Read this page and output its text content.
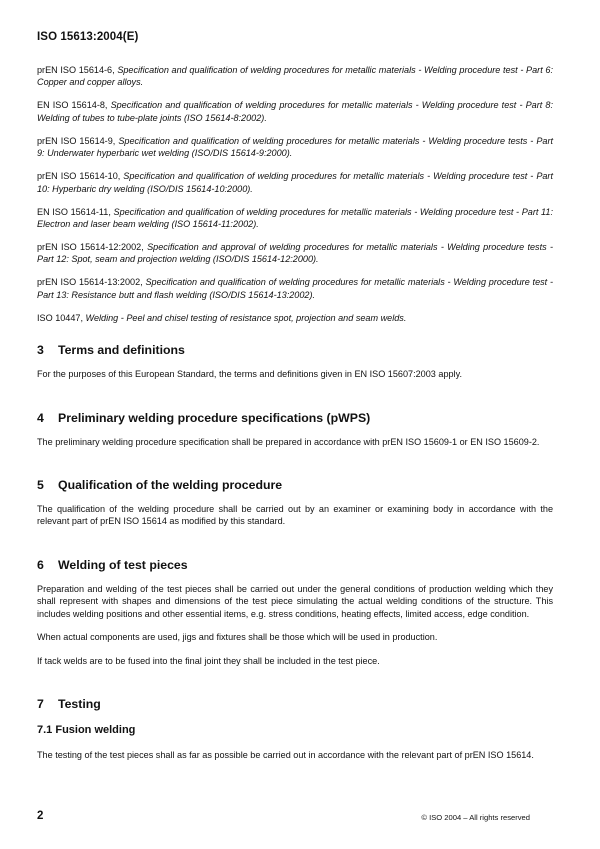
ISO 15613:2004(E)

prEN ISO 15614-6, Specification and qualification of welding procedures for metallic materials - Welding procedure test - Part 6: Copper and copper alloys.

EN ISO 15614-8, Specification and qualification of welding procedures for metallic materials - Welding procedure test - Part 8: Welding of tubes to tube-plate joints (ISO 15614-8:2002).

prEN ISO 15614-9, Specification and qualification of welding procedures for metallic materials - Welding procedure tests - Part 9: Underwater hyperbaric wet welding (ISO/DIS 15614-9:2000).

prEN ISO 15614-10, Specification and qualification of welding procedures for metallic materials - Welding procedure test - Part 10: Hyperbaric dry welding (ISO/DIS 15614-10:2000).

EN ISO 15614-11, Specification and qualification of welding procedures for metallic materials - Welding procedure test - Part 11: Electron and laser beam welding (ISO 15614-11:2002).

prEN ISO 15614-12:2002, Specification and approval of welding procedures for metallic materials - Welding procedure tests - Part 12: Spot, seam and projection welding (ISO/DIS 15614-12:2000).

prEN ISO 15614-13:2002, Specification and qualification of welding procedures for metallic materials - Welding procedure test - Part 13: Resistance butt and flash welding (ISO/DIS 15614-13:2002).

ISO 10447, Welding - Peel and chisel testing of resistance spot, projection and seam welds.

3	Terms and definitions

For the purposes of this European Standard, the terms and definitions given in EN ISO 15607:2003 apply.

4	Preliminary welding procedure specifications (pWPS)

The preliminary welding procedure specification shall be prepared in accordance with prEN ISO 15609-1 or EN ISO 15609-2.

5	Qualification of the welding procedure

The qualification of the welding procedure shall be carried out by an examiner or examining body in accordance with the relevant part of prEN ISO 15614 as modified by this standard.

6	Welding of test pieces

Preparation and welding of the test pieces shall be carried out under the general conditions of production welding which they shall represent with shapes and dimensions of the test piece simulating the actual welding conditions of the structure. This includes welding positions and other essential items, e.g. stress conditions, heating effects, limited access, edge condition.

When actual components are used, jigs and fixtures shall be those which will be used in production.

If tack welds are to be fused into the final joint they shall be included in the test piece.

7	Testing
7.1 Fusion welding

The testing of the test pieces shall as far as possible be carried out in accordance with the relevant part of prEN ISO 15614.

2	© ISO 2004 – All rights reserved
